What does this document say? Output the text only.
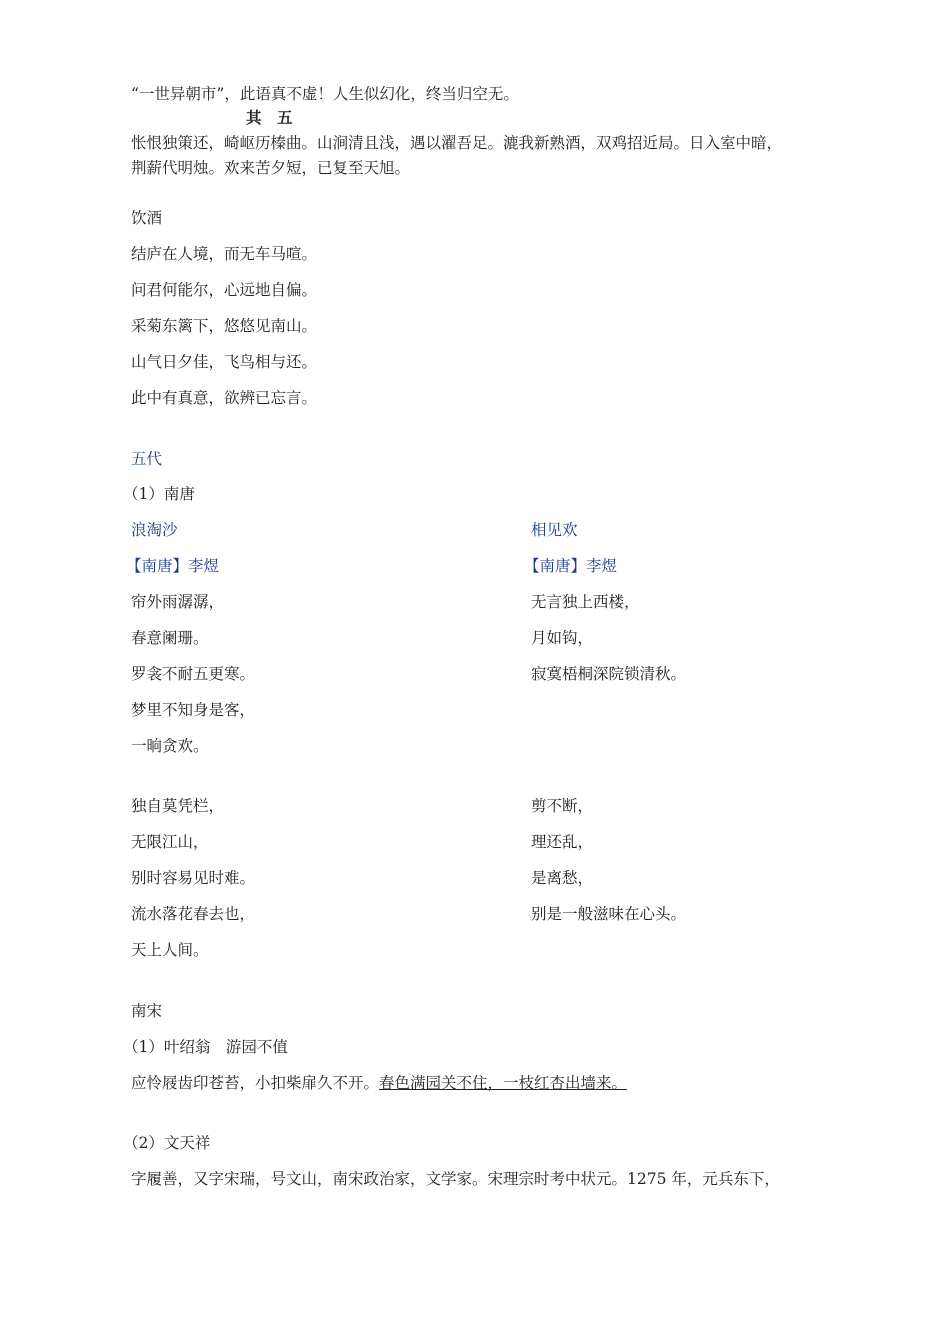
“一世异朝市”，此语真不虚！人生似幻化，终当归空无。
其　五
怅恨独策还，崎岖历榛曲。山涧清且浅，遇以濯吾足。漉我新熟酒，双鸡招近局。日入室中暗，
荆薪代明烛。欢来苦夕短，已复至天旭。
饮酒
结庐在人境，而无车马喧。
问君何能尔，心远地自偏。
采菊东篱下，悠悠见南山。
山气日夕佳，飞鸟相与还。
此中有真意，欲辨已忘言。
五代
（1）南唐
浪淘沙	相见欢
【南唐】李煜	【南唐】李煜
帘外雨潺潺，
春意阑珊。
罗衾不耐五更寒。
梦里不知身是客，
一晌贪欢。
无言独上西楼，
月如钩，
寂寞梧桐深院锁清秋。
独自莫凭栏，
无限江山，
别时容易见时难。
流水落花春去也，
天上人间。
剪不断，
理还乱，
是离愁，
别是一般滋味在心头。
南宋
（1）叶绍翁　游园不值
应怜屐齿印苍苔，小扣柴扉久不开。春色满园关不住，一枝红杏出墙来。
（2）文天祥
字履善，又字宋瑞，号文山，南宋政治家，文学家。宋理宗时考中状元。1275 年，元兵东下，
